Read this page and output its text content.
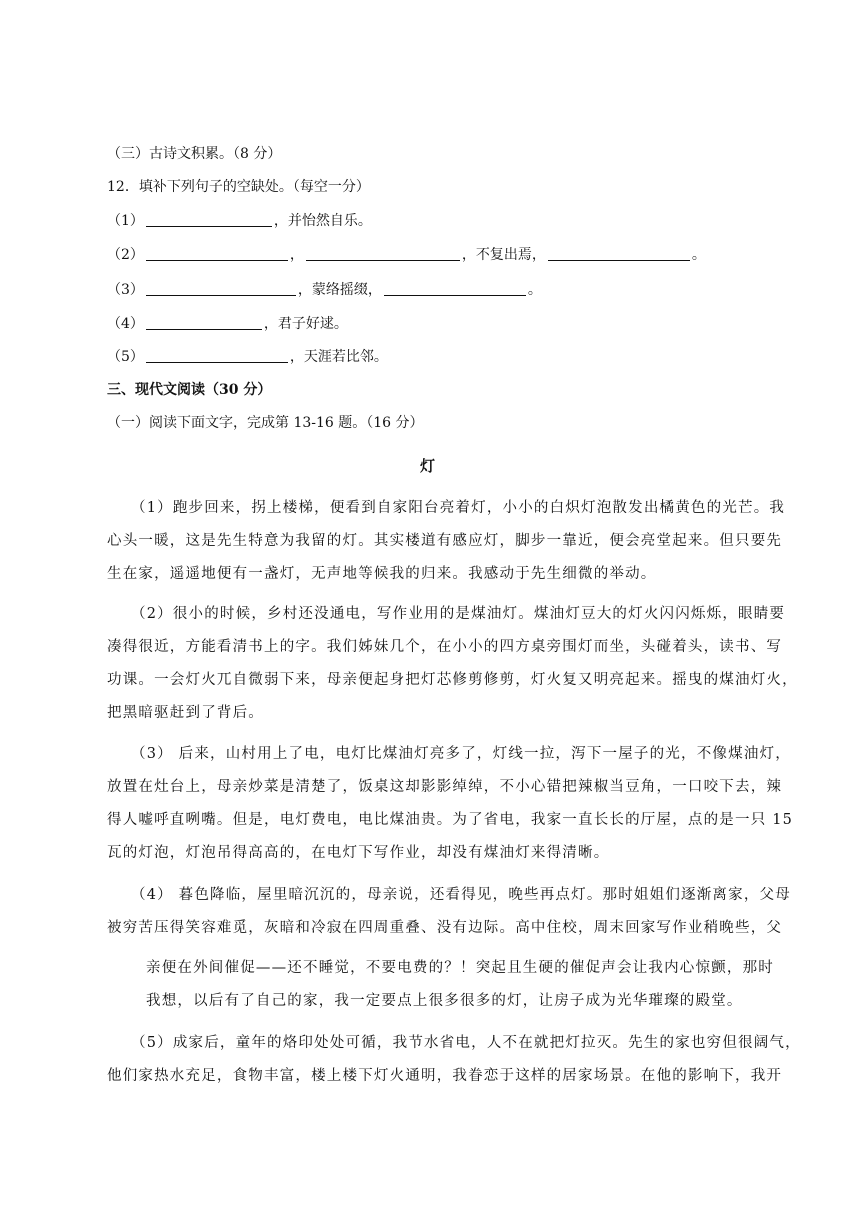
（三）古诗文积累。（8 分）
12．填补下列句子的空缺处。（每空一分）
（1）	，并怡然自乐。
（2）	，	，不复出焉，	。
（3）	，蒙络摇缀，	。
（4）	，君子好逑。
（5）	，天涯若比邻。
三、现代文阅读（30 分）
（一）阅读下面文字，完成第 13-16 题。（16 分）
灯
（1）跑步回来，拐上楼梯，便看到自家阳台亮着灯，小小的白炽灯泡散发出橘黄色的光芒。我
心头一暖，这是先生特意为我留的灯。其实楼道有感应灯，脚步一靠近，便会亮堂起来。但只要先
生在家，遥遥地便有一盏灯，无声地等候我的归来。我感动于先生细微的举动。
（2）很小的时候，乡村还没通电，写作业用的是煤油灯。煤油灯豆大的灯火闪闪烁烁，眼睛要
凑得很近，方能看清书上的字。我们姊妹几个，在小小的四方桌旁围灯而坐，头碰着头，读书、写
功课。一会灯火兀自微弱下来，母亲便起身把灯芯修剪修剪，灯火复又明亮起来。摇曳的煤油灯火，
把黑暗驱赶到了背后。
（3） 后来，山村用上了电，电灯比煤油灯亮多了，灯线一拉，泻下一屋子的光，不像煤油灯，
放置在灶台上，母亲炒菜是清楚了，饭桌这却影影绰绰，不小心错把辣椒当豆角，一口咬下去，辣
得人嘘呼直咧嘴。但是，电灯费电，电比煤油贵。为了省电，我家一直长长的厅屋，点的是一只 15
瓦的灯泡，灯泡吊得高高的，在电灯下写作业，却没有煤油灯来得清晰。
（4） 暮色降临，屋里暗沉沉的，母亲说，还看得见，晚些再点灯。那时姐姐们逐渐离家，父母
被穷苦压得笑容难觅，灰暗和冷寂在四周重叠、没有边际。高中住校，周末回家写作业稍晚些，父
亲便在外间催促——还不睡觉，不要电费的？！突起且生硬的催促声会让我内心惊颤，那时
我想，以后有了自己的家，我一定要点上很多很多的灯，让房子成为光华璀璨的殿堂。
（5）成家后，童年的烙印处处可循，我节水省电，人不在就把灯拉灭。先生的家也穷但很阔气，
他们家热水充足，食物丰富，楼上楼下灯火通明，我眷恋于这样的居家场景。在他的影响下，我开
